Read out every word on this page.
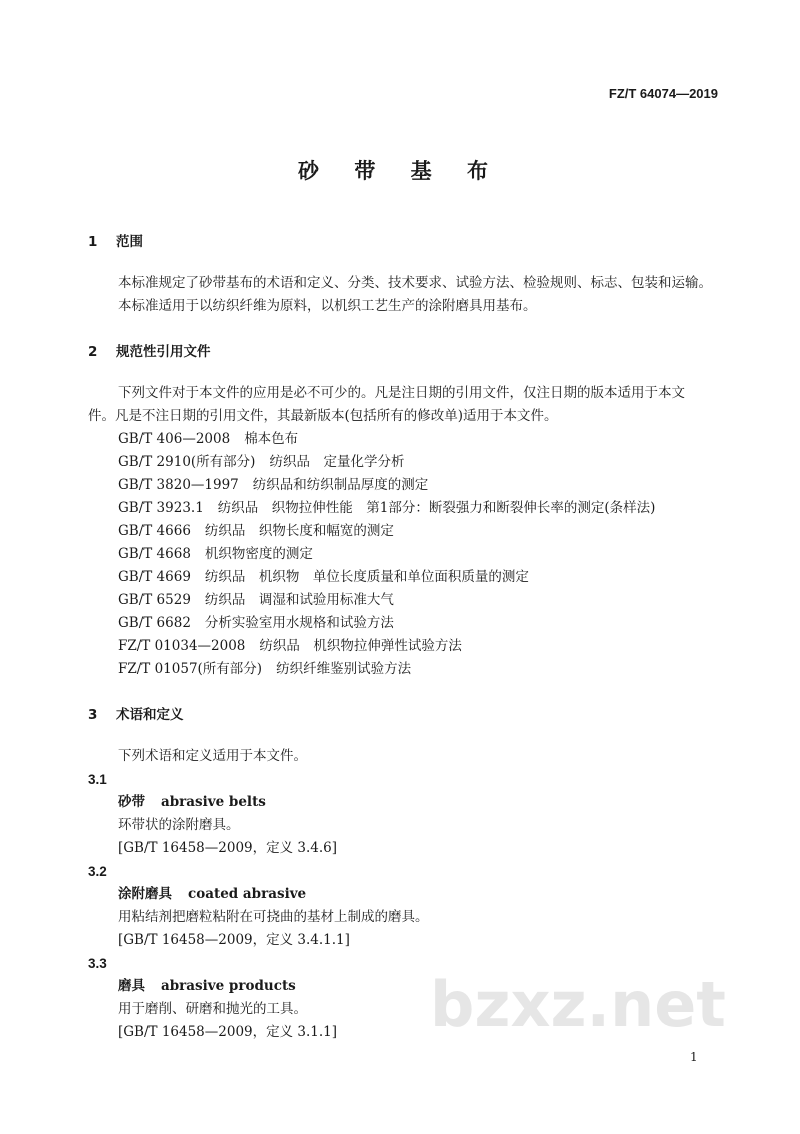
FZ/T 64074—2019
砂 带 基 布
1 范围
本标准规定了砂带基布的术语和定义、分类、技术要求、试验方法、检验规则、标志、包装和运输。
本标准适用于以纺织纤维为原料，以机织工艺生产的涂附磨具用基布。
2 规范性引用文件
下列文件对于本文件的应用是必不可少的。凡是注日期的引用文件，仅注日期的版本适用于本文
件。凡是不注日期的引用文件，其最新版本(包括所有的修改单)适用于本文件。
GB/T 406—2008 棉本色布
GB/T 2910(所有部分) 纺织品　定量化学分析
GB/T 3820—1997 纺织品和纺织制品厚度的测定
GB/T 3923.1 纺织品　织物拉伸性能　第1部分：断裂强力和断裂伸长率的测定(条样法)
GB/T 4666 纺织品　织物长度和幅宽的测定
GB/T 4668 机织物密度的测定
GB/T 4669 纺织品　机织物　单位长度质量和单位面积质量的测定
GB/T 6529 纺织品　调湿和试验用标准大气
GB/T 6682 分析实验室用水规格和试验方法
FZ/T 01034—2008 纺织品　机织物拉伸弹性试验方法
FZ/T 01057(所有部分) 纺织纤维鉴别试验方法
3 术语和定义
下列术语和定义适用于本文件。
3.1
砂带 abrasive belts
环带状的涂附磨具。
[GB/T 16458—2009，定义 3.4.6]
3.2
涂附磨具 coated abrasive
用粘结剂把磨粒粘附在可挠曲的基材上制成的磨具。
[GB/T 16458—2009，定义 3.4.1.1]
3.3
磨具 abrasive products
用于磨削、研磨和抛光的工具。
[GB/T 16458—2009，定义 3.1.1]
1
bzxz.net
